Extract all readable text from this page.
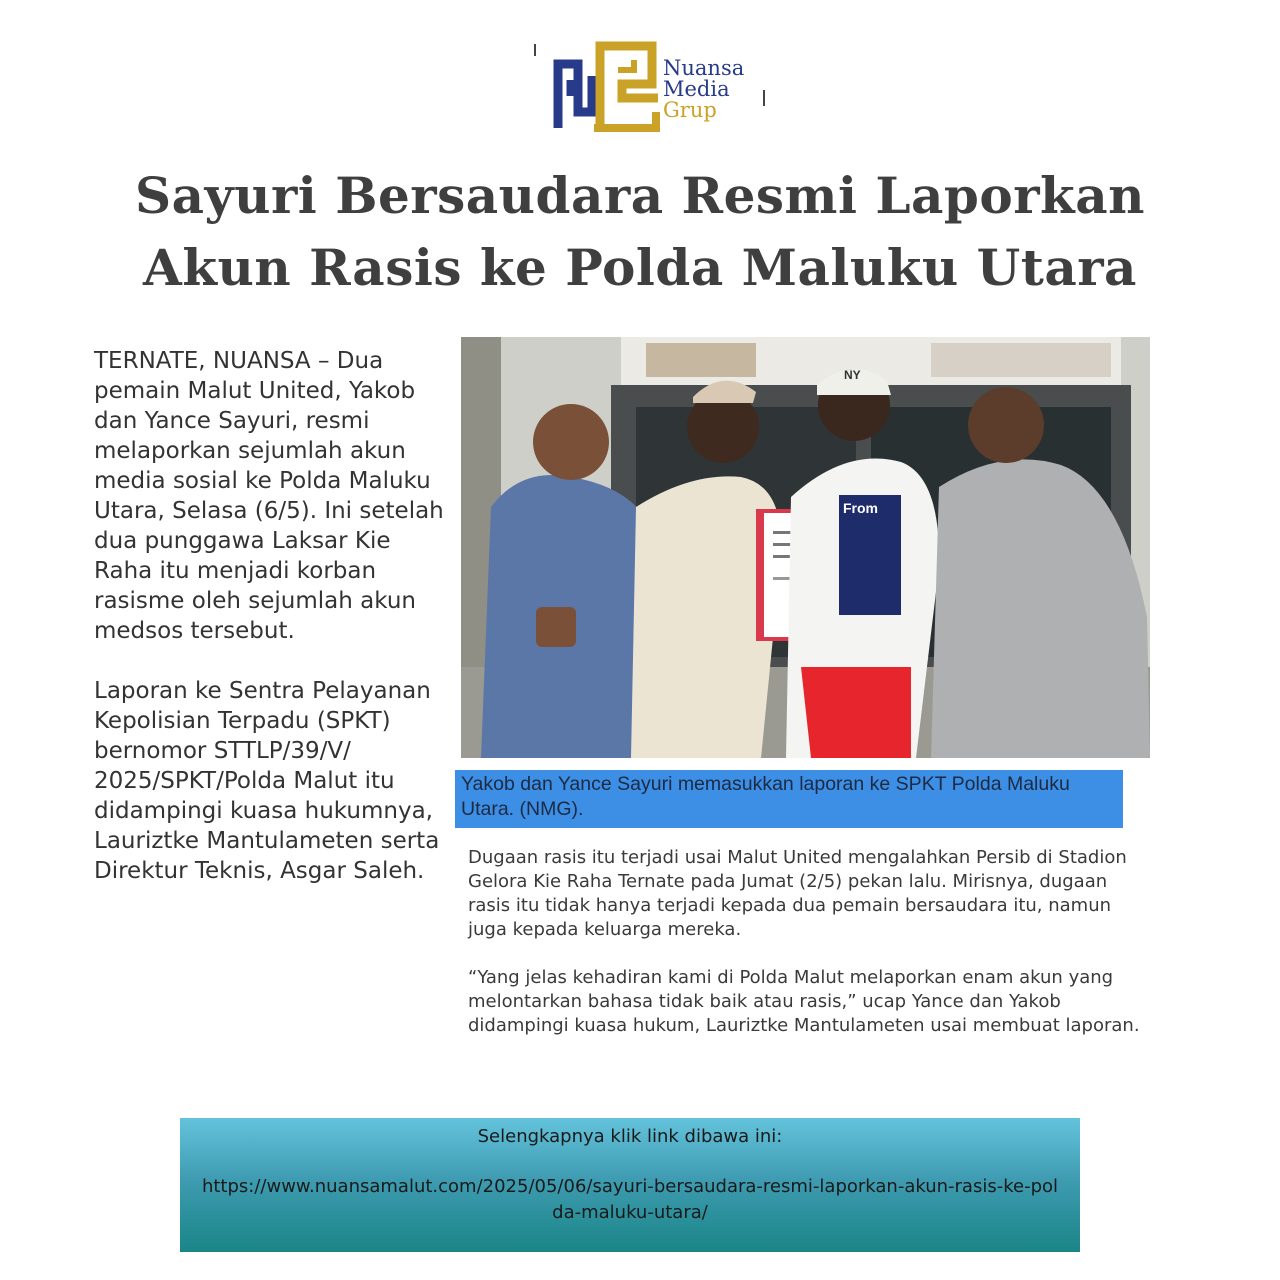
Nuansa
Media
Grup
Sayuri Bersaudara Resmi Laporkan Akun Rasis ke Polda Maluku Utara

TERNATE, NUANSA – Dua pemain Malut United, Yakob dan Yance Sayuri, resmi melaporkan sejumlah akun media sosial ke Polda Maluku Utara, Selasa (6/5). Ini setelah dua punggawa Laksar Kie Raha itu menjadi korban rasisme oleh sejumlah akun medsos tersebut.

Laporan ke Sentra Pelayanan Kepolisian Terpadu (SPKT) bernomor STTLP/39/V/ 2025/SPKT/Polda Malut itu didampingi kuasa hukumnya, Lauriztke Mantulameten serta Direktur Teknis, Asgar Saleh.

From
NY
Yakob dan Yance Sayuri memasukkan laporan ke SPKT Polda Maluku Utara. (NMG).

Dugaan rasis itu terjadi usai Malut United mengalahkan Persib di Stadion Gelora Kie Raha Ternate pada Jumat (2/5) pekan lalu. Mirisnya, dugaan rasis itu tidak hanya terjadi kepada dua pemain bersaudara itu, namun juga kepada keluarga mereka.

“Yang jelas kehadiran kami di Polda Malut melaporkan enam akun yang melontarkan bahasa tidak baik atau rasis,” ucap Yance dan Yakob didampingi kuasa hukum, Lauriztke Mantulameten usai membuat laporan.

Selengkapnya klik link dibawa ini:

https://www.nuansamalut.com/2025/05/06/sayuri-bersaudara-resmi-laporkan-akun-rasis-ke-polda-maluku-utara/
